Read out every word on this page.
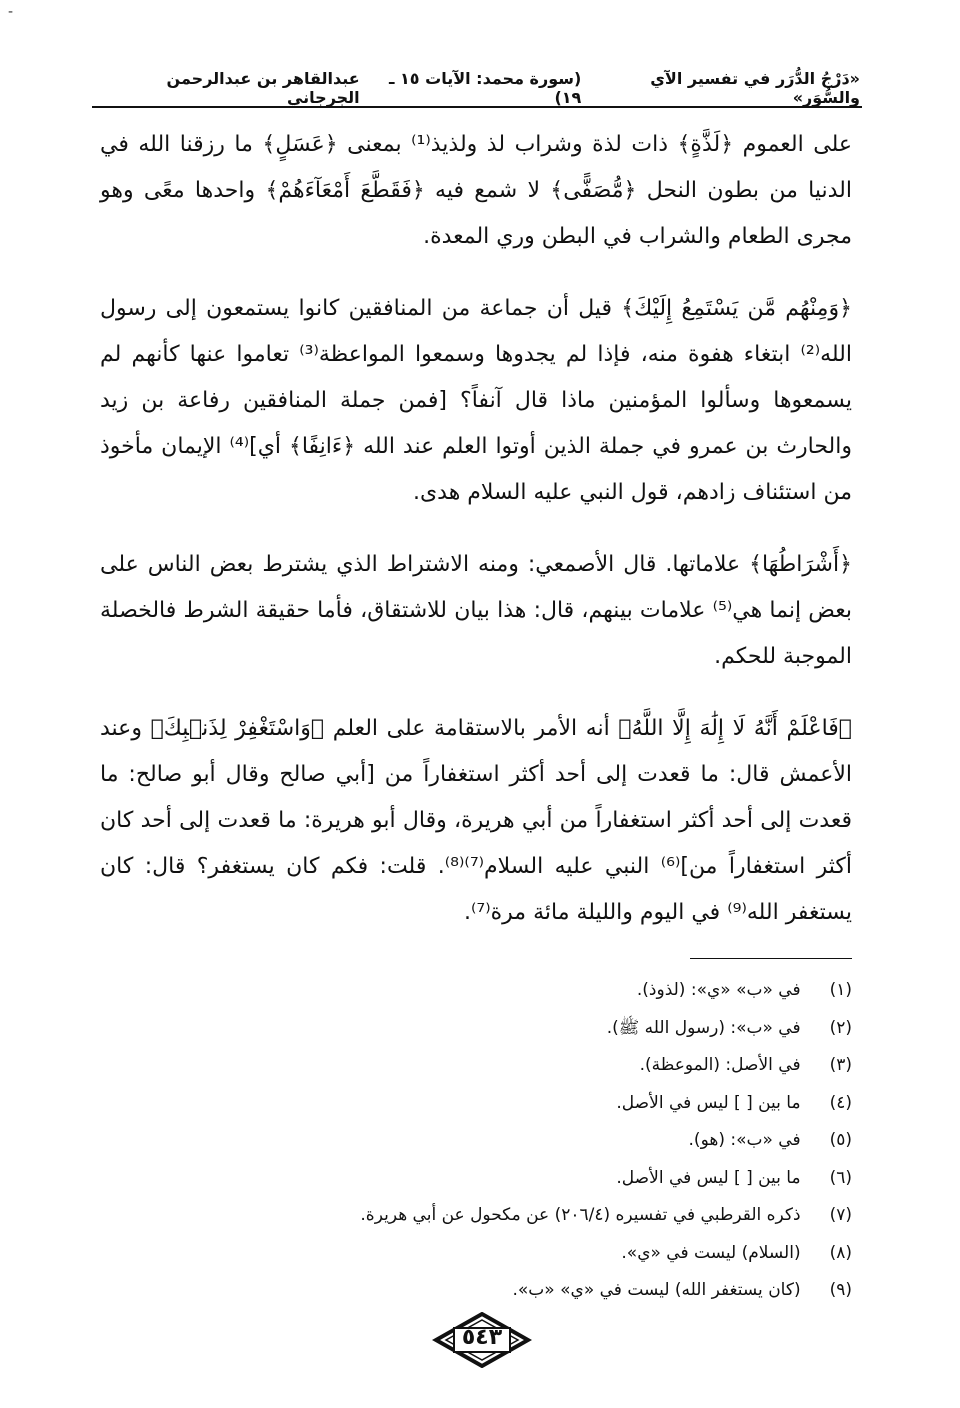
-
«دَرْجُ الدُّرَر في تفسير الآي والسُّوَر»
(سورة محمد: الآيات ١٥ ـ ١٩)
عبدالقاهر بن عبدالرحمن الجرجاني

على العموم ﴿لَذَّةٍ﴾ ذات لذة وشراب لذ ولذيذ⁽¹⁾ بمعنى ﴿عَسَلٍ﴾ ما رزقنا الله في الدنيا من بطون النحل ﴿مُّصَفًّى﴾ لا شمع فيه ﴿فَقَطَّعَ أَمْعَآءَهُمْ﴾ واحدها معًى وهو مجرى الطعام والشراب في البطن وري المعدة.

﴿وَمِنْهُم مَّن يَسْتَمِعُ إِلَيْكَ﴾ قيل أن جماعة من المنافقين كانوا يستمعون إلى رسول الله⁽²⁾ ابتغاء هفوة منه، فإذا لم يجدوها وسمعوا المواعظة⁽³⁾ تعاموا عنها كأنهم لم يسمعوها وسألوا المؤمنين ماذا قال آنفاً؟ [فمن جملة المنافقين رفاعة بن زيد والحارث بن عمرو في جملة الذين أوتوا العلم عند الله ﴿ءَانِفًا﴾ أي]⁽⁴⁾ الإيمان مأخوذ من استئناف زادهم، قول النبي عليه السلام هدى.

﴿أَشْرَاطُهَا﴾ علاماتها. قال الأصمعي: ومنه الاشتراط الذي يشترط بعض الناس على بعض إنما هي⁽⁵⁾ علامات بينهم، قال: هذا بيان للاشتقاق، فأما حقيقة الشرط فالخصلة الموجبة للحكم.

﴿فَاعْلَمْ أَنَّهُ لَا إِلَٰهَ إِلَّا اللَّهُ﴾ أنه الأمر بالاستقامة على العلم ﴿وَاسْتَغْفِرْ لِذَنۢبِكَ﴾ وعند الأعمش قال: ما قعدت إلى أحد أكثر استغفاراً من [أبي صالح وقال أبو صالح: ما قعدت إلى أحد أكثر استغفاراً من أبي هريرة، وقال أبو هريرة: ما قعدت إلى أحد كان أكثر استغفاراً من]⁽⁶⁾ النبي عليه السلام⁽⁷⁾⁽⁸⁾. قلت: فكم كان يستغفر؟ قال: كان يستغفر الله⁽⁹⁾ في اليوم والليلة مائة مرة⁽⁷⁾.

(١) في «ب» «ي»: (لذوذ).
(٢) في «ب»: (رسول الله ﷺ).
(٣) في الأصل: (الموعظة).
(٤) ما بين [ ] ليس في الأصل.
(٥) في «ب»: (هو).
(٦) ما بين [ ] ليس في الأصل.
(٧) ذكره القرطبي في تفسيره (٢٠٦/٤) عن مكحول عن أبي هريرة.
(٨) (السلام) ليست في «ي».
(٩) (كان يستغفر الله) ليست في «ي» «ب».
٥٤٣
